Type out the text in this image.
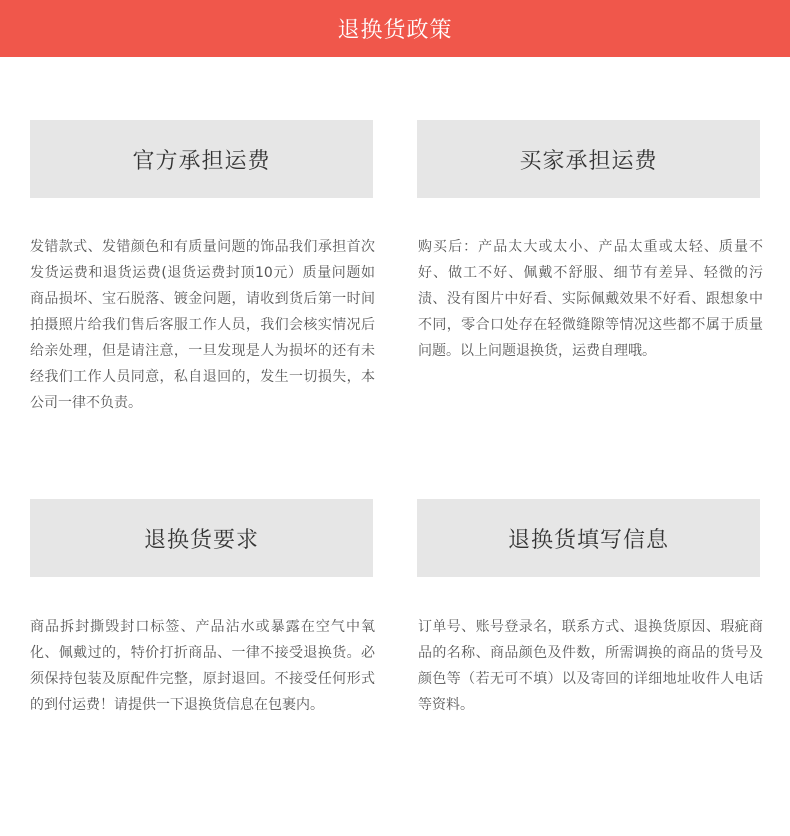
退换货政策
官方承担运费
发错款式、发错颜色和有质量问题的饰品我们承担首次发货运费和退货运费(退货运费封顶10元）质量问题如商品损坏、宝石脱落、镀金问题，请收到货后第一时间拍摄照片给我们售后客服工作人员，我们会核实情况后给亲处理，但是请注意，一旦发现是人为损坏的还有未经我们工作人员同意，私自退回的，发生一切损失，本公司一律不负责。
买家承担运费
购买后：产品太大或太小、产品太重或太轻、质量不好、做工不好、佩戴不舒服、细节有差异、轻微的污渍、没有图片中好看、实际佩戴效果不好看、跟想象中不同，零合口处存在轻微缝隙等情况这些都不属于质量问题。以上问题退换货，运费自理哦。
退换货要求
商品拆封撕毁封口标签、产品沾水或暴露在空气中氧化、佩戴过的，特价打折商品、一律不接受退换货。必须保持包装及原配件完整，原封退回。不接受任何形式的到付运费！请提供一下退换货信息在包裹内。
退换货填写信息
订单号、账号登录名，联系方式、退换货原因、瑕疵商品的名称、商品颜色及件数，所需调换的商品的货号及颜色等（若无可不填）以及寄回的详细地址收件人电话等资料。
